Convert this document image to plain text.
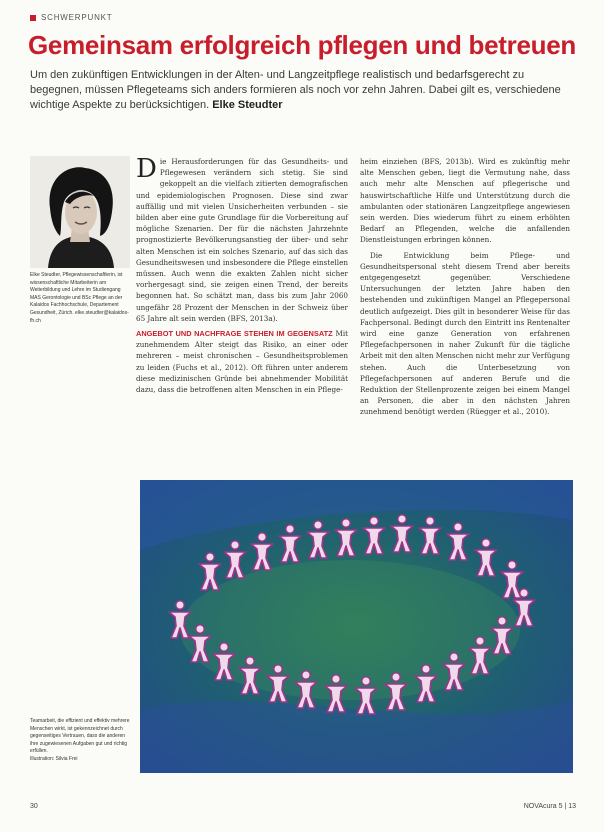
SCHWERPUNKT
Gemeinsam erfolgreich pflegen und betreuen

Um den zukünftigen Entwicklungen in der Alten- und Langzeitpflege realistisch und bedarfsgerecht zu begegnen, müssen Pflegeteams sich anders formieren als noch vor zehn Jahren. Dabei gilt es, verschiedene wichtige Aspekte zu berücksichtigen. Elke Steudter

Elke Steudter, Pflegewissenschaftlerin, ist wissenschaftliche Mitarbeiterin am Weiterbildung und Lehre im Studiengang MAS Gerontologie und BSc Pflege an der Kalaidos Fachhochschule, Departement Gesundheit, Zürich. elke.steudter@kalaidos-fh.ch

Die Herausforderungen für das Gesundheits- und Pflegewesen verändern sich stetig. Sie sind gekoppelt an die vielfach zitierten demografischen und epidemiologischen Prognosen. Diese sind zwar auffällig und mit vielen Unsicherheiten verbunden – sie bilden aber eine gute Grundlage für die Vorbereitung auf mögliche Szenarien. Der für die nächsten Jahrzehnte prognostizierte Bevölkerungsanstieg der über- und sehr alten Menschen ist ein solches Szenario, auf das sich das Gesundheitswesen und insbesondere die Pflege einstellen müssen. Auch wenn die exakten Zahlen nicht sicher vorhergesagt sind, sie zeigen einen Trend, der bereits begonnen hat. So schätzt man, dass bis zum Jahr 2060 ungefähr 28 Prozent der Menschen in der Schweiz über 65 Jahre alt sein werden (BFS, 2013a).

ANGEBOT UND NACHFRAGE STEHEN IM GEGENSATZ Mit zunehmendem Alter steigt das Risiko, an einer oder mehreren – meist chronischen – Gesundheitsproblemen zu leiden (Fuchs et al., 2012). Oft führen unter anderem diese medizinischen Gründe bei abnehmender Mobilität dazu, dass die betroffenen alten Menschen in ein Pflege-

heim einziehen (BFS, 2013b). Wird es zukünftig mehr alte Menschen geben, liegt die Vermutung nahe, dass auch mehr alte Menschen auf pflegerische und hauswirtschaftliche Hilfe und Unterstützung durch die ambulanten oder stationären Langzeitpflege angewiesen sein werden. Dies wiederum führt zu einem erhöhten Bedarf an Pflegenden, welche die anfallenden Dienstleistungen erbringen können.

Die Entwicklung beim Pflege- und Gesundheitspersonal steht diesem Trend aber bereits entgegengesetzt gegenüber. Verschiedene Untersuchungen der letzten Jahre haben den bestehenden und zukünftigen Mangel an Pflegepersonal deutlich aufgezeigt. Dies gilt in besonderer Weise für das Fachpersonal. Bedingt durch den Eintritt ins Rentenalter wird eine ganze Generation von erfahrenen Pflegefachpersonen in naher Zukunft für die tägliche Arbeit mit den alten Menschen nicht mehr zur Verfügung stehen. Auch die Unterbesetzung von Pflegefachpersonen auf anderen Berufe und die Reduktion der Stellenprozente zeigen bei einem Mangel an Personen, die aber in den nächsten Jahren zunehmend benötigt werden (Rüegger et al., 2010).

Teamarbeit, die effizient und effektiv mehrere Menschen wirkt, ist gekennzeichnet durch gegenseitiges Vertrauen, dass die anderen ihre zugewiesenen Aufgaben gut und richtig erfüllen.
Illustration: Silvia Frei
30	NOVAcura 5 | 13
